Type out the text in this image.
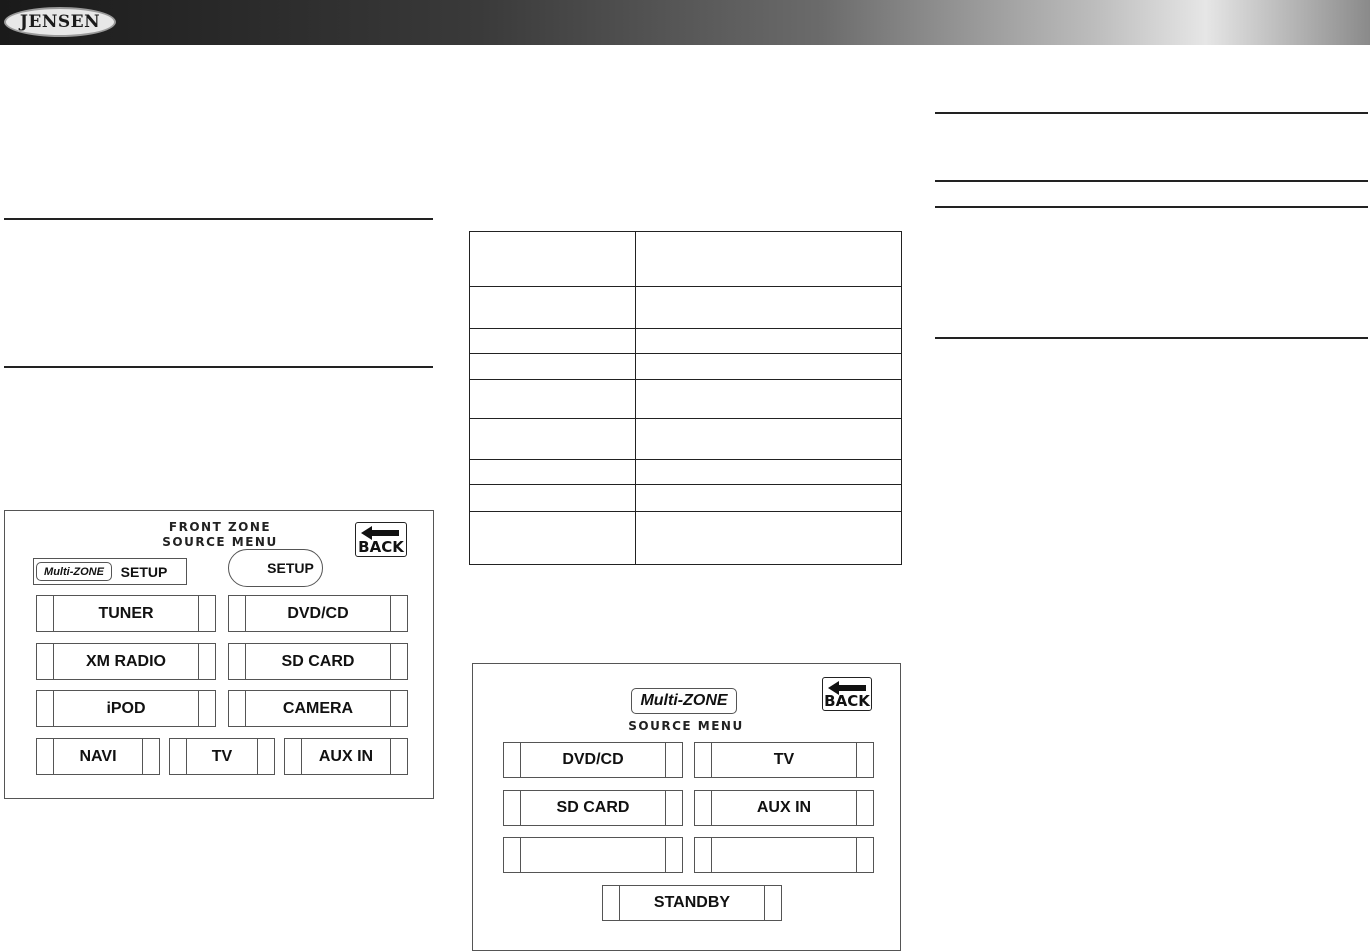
JENSEN
FRONT ZONE
SOURCE MENU	BACK
Multi-ZONE	SETUP	SETUP
TUNER	DVD/CD
XM RADIO	SD CARD
iPOD	CAMERA
NAVI	TV	AUX IN

Multi-ZONE
SOURCE MENU
BACK
DVD/CD	TV
SD CARD	AUX IN
STANDBY
